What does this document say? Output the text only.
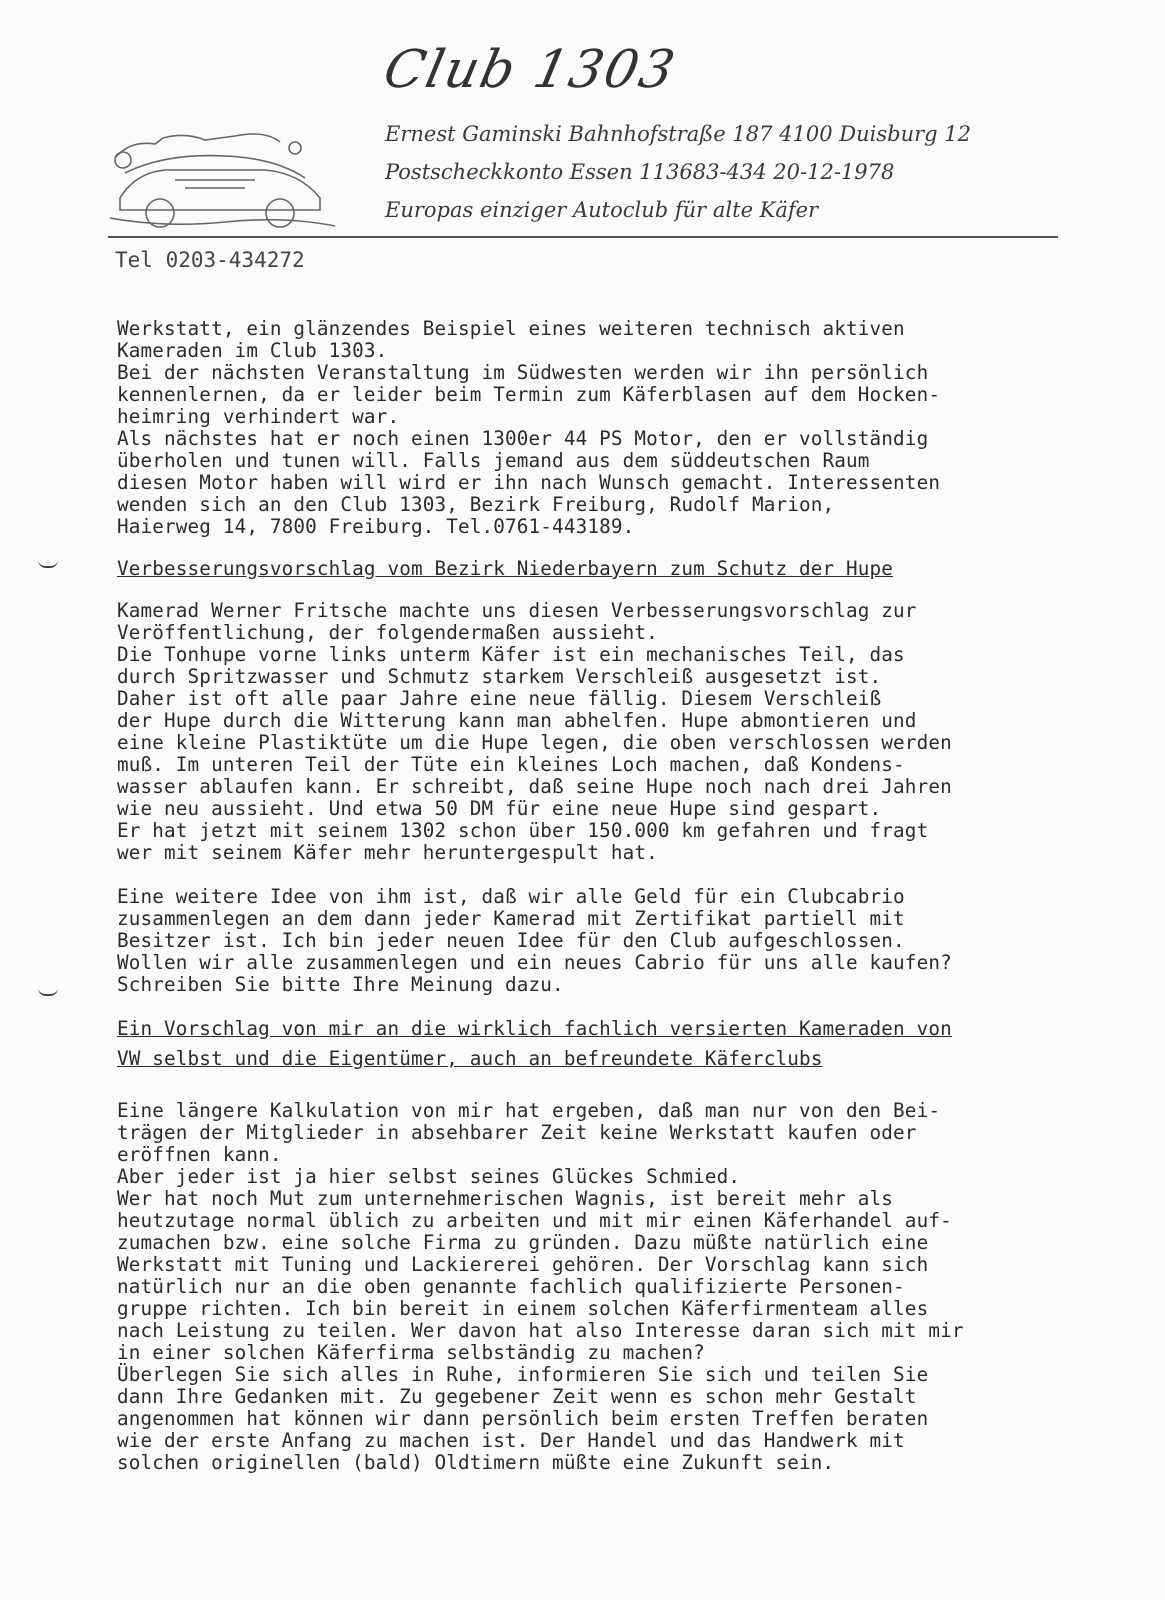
Club 1303
Ernest Gaminski Bahnhofstraße 187 4100 Duisburg 12
Postscheckkonto Essen 113683-434 20-12-1978
Europas einziger Autoclub für alte Käfer
Tel 0203-434272
Werkstatt, ein glänzendes Beispiel eines weiteren technisch aktiven
Kameraden im Club 1303.
Bei der nächsten Veranstaltung im Südwesten werden wir ihn persönlich
kennenlernen, da er leider beim Termin zum Käferblasen auf dem Hocken-
heimring verhindert war.
Als nächstes hat er noch einen 1300er 44 PS Motor, den er vollständig
überholen und tunen will. Falls jemand aus dem süddeutschen Raum
diesen Motor haben will wird er ihn nach Wunsch gemacht. Interessenten
wenden sich an den Club 1303, Bezirk Freiburg, Rudolf Marion,
Haierweg 14, 7800 Freiburg. Tel.0761-443189.
Verbesserungsvorschlag vom Bezirk Niederbayern zum Schutz der Hupe
Kamerad Werner Fritsche machte uns diesen Verbesserungsvorschlag zur
Veröffentlichung, der folgendermaßen aussieht.
Die Tonhupe vorne links unterm Käfer ist ein mechanisches Teil, das
durch Spritzwasser und Schmutz starkem Verschleiß ausgesetzt ist.
Daher ist oft alle paar Jahre eine neue fällig. Diesem Verschleiß
der Hupe durch die Witterung kann man abhelfen. Hupe abmontieren und
eine kleine Plastiktüte um die Hupe legen, die oben verschlossen werden
muß. Im unteren Teil der Tüte ein kleines Loch machen, daß Kondens-
wasser ablaufen kann. Er schreibt, daß seine Hupe noch nach drei Jahren
wie neu aussieht. Und etwa 50 DM für eine neue Hupe sind gespart.
Er hat jetzt mit seinem 1302 schon über 150.000 km gefahren und fragt
wer mit seinem Käfer mehr heruntergespult hat.
Eine weitere Idee von ihm ist, daß wir alle Geld für ein Clubcabrio
zusammenlegen an dem dann jeder Kamerad mit Zertifikat partiell mit
Besitzer ist. Ich bin jeder neuen Idee für den Club aufgeschlossen.
Wollen wir alle zusammenlegen und ein neues Cabrio für uns alle kaufen?
Schreiben Sie bitte Ihre Meinung dazu.
Ein Vorschlag von mir an die wirklich fachlich versierten Kameraden von
VW selbst und die Eigentümer, auch an befreundete Käferclubs
Eine längere Kalkulation von mir hat ergeben, daß man nur von den Bei-
trägen der Mitglieder in absehbarer Zeit keine Werkstatt kaufen oder
eröffnen kann.
Aber jeder ist ja hier selbst seines Glückes Schmied.
Wer hat noch Mut zum unternehmerischen Wagnis, ist bereit mehr als
heutzutage normal üblich zu arbeiten und mit mir einen Käferhandel auf-
zumachen bzw. eine solche Firma zu gründen. Dazu müßte natürlich eine
Werkstatt mit Tuning und Lackiererei gehören. Der Vorschlag kann sich
natürlich nur an die oben genannte fachlich qualifizierte Personen-
gruppe richten. Ich bin bereit in einem solchen Käferfirmenteam alles
nach Leistung zu teilen. Wer davon hat also Interesse daran sich mit mir
in einer solchen Käferfirma selbständig zu machen?
Überlegen Sie sich alles in Ruhe, informieren Sie sich und teilen Sie
dann Ihre Gedanken mit. Zu gegebener Zeit wenn es schon mehr Gestalt
angenommen hat können wir dann persönlich beim ersten Treffen beraten
wie der erste Anfang zu machen ist. Der Handel und das Handwerk mit
solchen originellen (bald) Oldtimern müßte eine Zukunft sein.
